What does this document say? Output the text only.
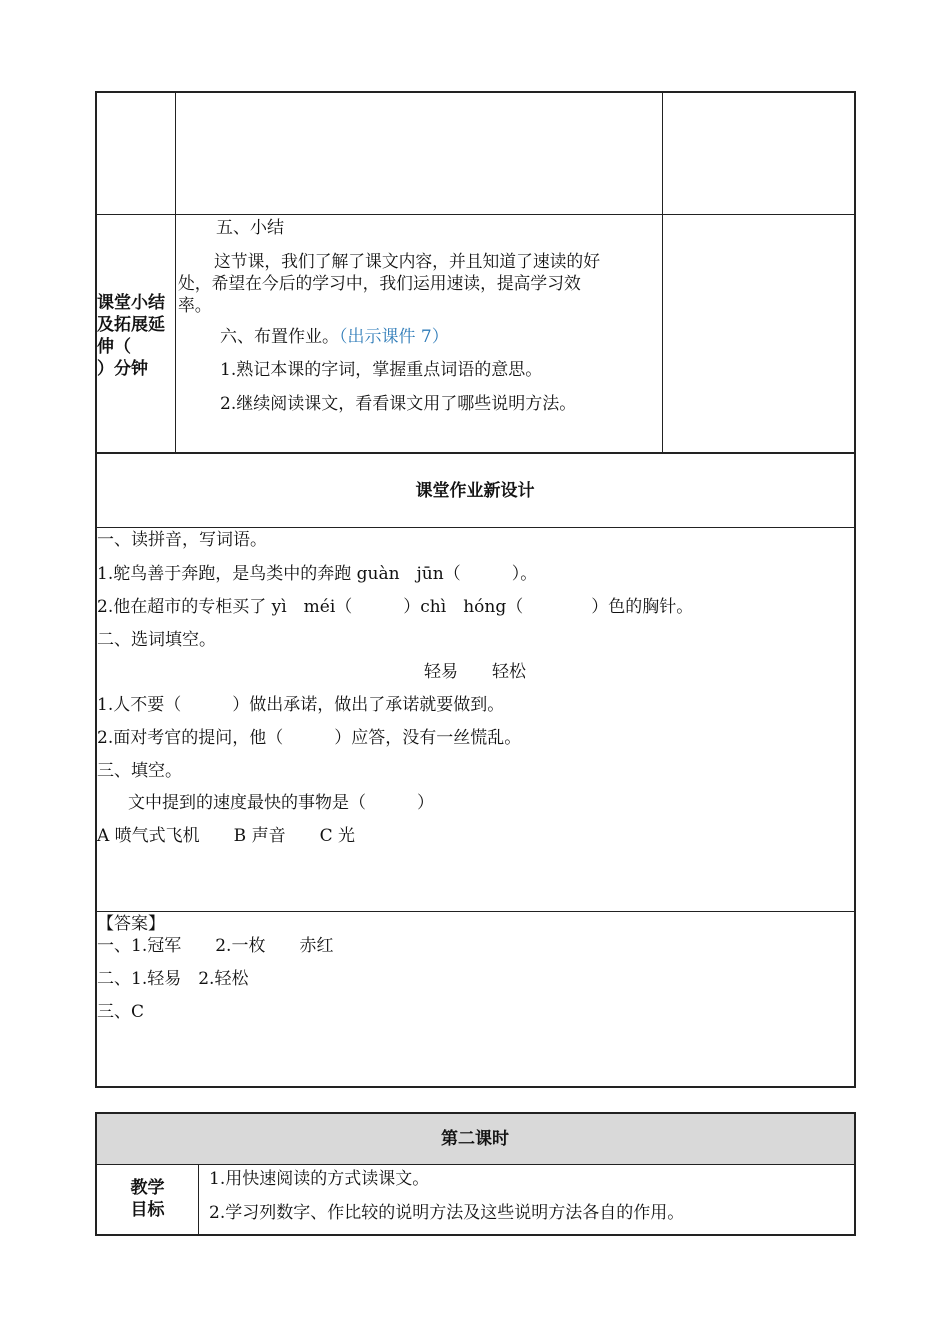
课堂小结
及拓展延
伸（
）分钟
五、小结
这节课，我们了解了课文内容，并且知道了速读的好
处，希望在今后的学习中，我们运用速读，提高学习效
率。
六、布置作业。（出示课件 7）
1.熟记本课的字词，掌握重点词语的意思。
2.继续阅读课文，看看课文用了哪些说明方法。
课堂作业新设计
一、读拼音，写词语。
1.鸵鸟善于奔跑，是鸟类中的奔跑 guàn　jūn（　　　）。
2.他在超市的专柜买了 yì　méi（　　　）chì　hóng（　　　　）色的胸针。
二、选词填空。
轻易　　轻松
1.人不要（　　　）做出承诺，做出了承诺就要做到。
2.面对考官的提问，他（　　　）应答，没有一丝慌乱。
三、填空。
文中提到的速度最快的事物是（　　　）
A 喷气式飞机　　B 声音　　C 光
【答案】
一、1.冠军　　2.一枚　　赤红
二、1.轻易　2.轻松
三、C
第二课时
教学
目标
1.用快速阅读的方式读课文。
2.学习列数字、作比较的说明方法及这些说明方法各自的作用。
